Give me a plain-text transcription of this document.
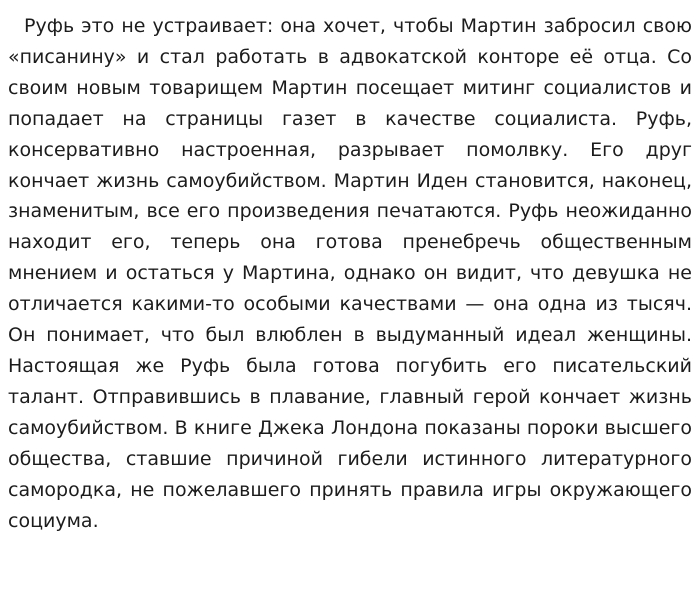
Руфь это не устраивает: она хочет, чтобы Мартин забросил свою «писанину» и стал работать в адвокатской конторе её отца. Со своим новым товарищем Мартин посещает митинг социалистов и попадает на страницы газет в качестве социалиста. Руфь, консервативно настроенная, разрывает помолвку. Его друг кончает жизнь самоубийством. Мартин Иден становится, наконец, знаменитым, все его произведения печатаются. Руфь неожиданно находит его, теперь она готова пренебречь общественным мнением и остаться у Мартина, однако он видит, что девушка не отличается какими-то особыми качествами — она одна из тысяч. Он понимает, что был влюблен в выдуманный идеал женщины. Настоящая же Руфь была готова погубить его писательский талант. Отправившись в плавание, главный герой кончает жизнь самоубийством. В книге Джека Лондона показаны пороки высшего общества, ставшие причиной гибели истинного литературного самородка, не пожелавшего принять правила игры окружающего социума.
